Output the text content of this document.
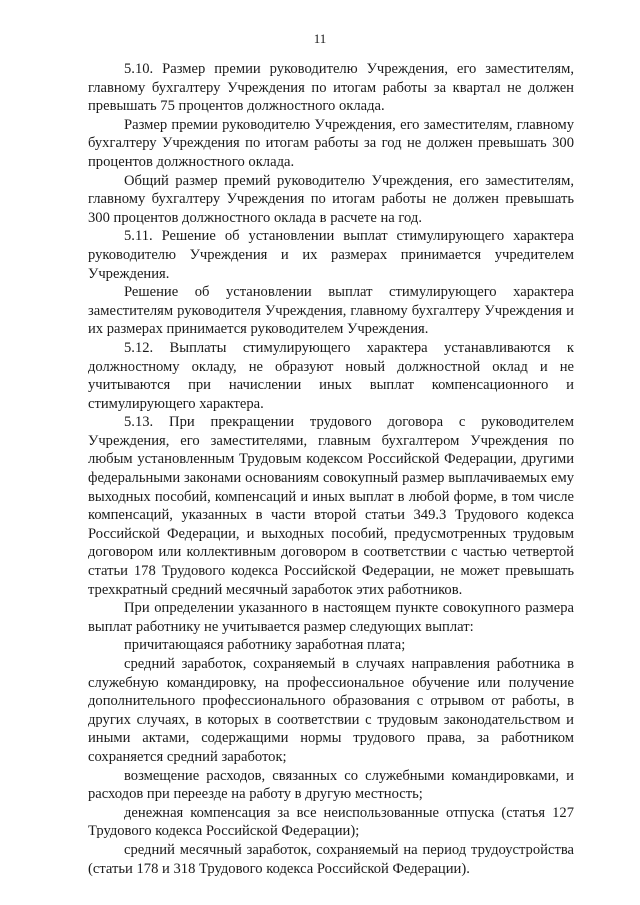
11

5.10. Размер премии руководителю Учреждения, его заместителям, главному бухгалтеру Учреждения по итогам работы за квартал не должен превышать 75 процентов должностного оклада.

Размер премии руководителю Учреждения, его заместителям, главному бухгалтеру Учреждения по итогам работы за год не должен превышать 300 процентов должностного оклада.

Общий размер премий руководителю Учреждения, его заместителям, главному бухгалтеру Учреждения по итогам работы не должен превышать 300 процентов должностного оклада в расчете на год.

5.11. Решение об установлении выплат стимулирующего характера руководителю Учреждения и их размерах принимается учредителем Учреждения.

Решение об установлении выплат стимулирующего характера заместителям руководителя Учреждения, главному бухгалтеру Учреждения и их размерах принимается руководителем Учреждения.

5.12. Выплаты стимулирующего характера устанавливаются к должностному окладу, не образуют новый должностной оклад и не учитываются при начислении иных выплат компенсационного и стимулирующего характера.

5.13. При прекращении трудового договора с руководителем Учреждения, его заместителями, главным бухгалтером Учреждения по любым установленным Трудовым кодексом Российской Федерации, другими федеральными законами основаниям совокупный размер выплачиваемых ему выходных пособий, компенсаций и иных выплат в любой форме, в том числе компенсаций, указанных в части второй статьи 349.3 Трудового кодекса Российской Федерации, и выходных пособий, предусмотренных трудовым договором или коллективным договором в соответствии с частью четвертой статьи 178 Трудового кодекса Российской Федерации, не может превышать трехкратный средний месячный заработок этих работников.

При определении указанного в настоящем пункте совокупного размера выплат работнику не учитывается размер следующих выплат:

причитающаяся работнику заработная плата;

средний заработок, сохраняемый в случаях направления работника в служебную командировку, на профессиональное обучение или получение дополнительного профессионального образования с отрывом от работы, в других случаях, в которых в соответствии с трудовым законодательством и иными актами, содержащими нормы трудового права, за работником сохраняется средний заработок;

возмещение расходов, связанных со служебными командировками, и расходов при переезде на работу в другую местность;

денежная компенсация за все неиспользованные отпуска (статья 127 Трудового кодекса Российской Федерации);

средний месячный заработок, сохраняемый на период трудоустройства (статьи 178 и 318 Трудового кодекса Российской Федерации).
